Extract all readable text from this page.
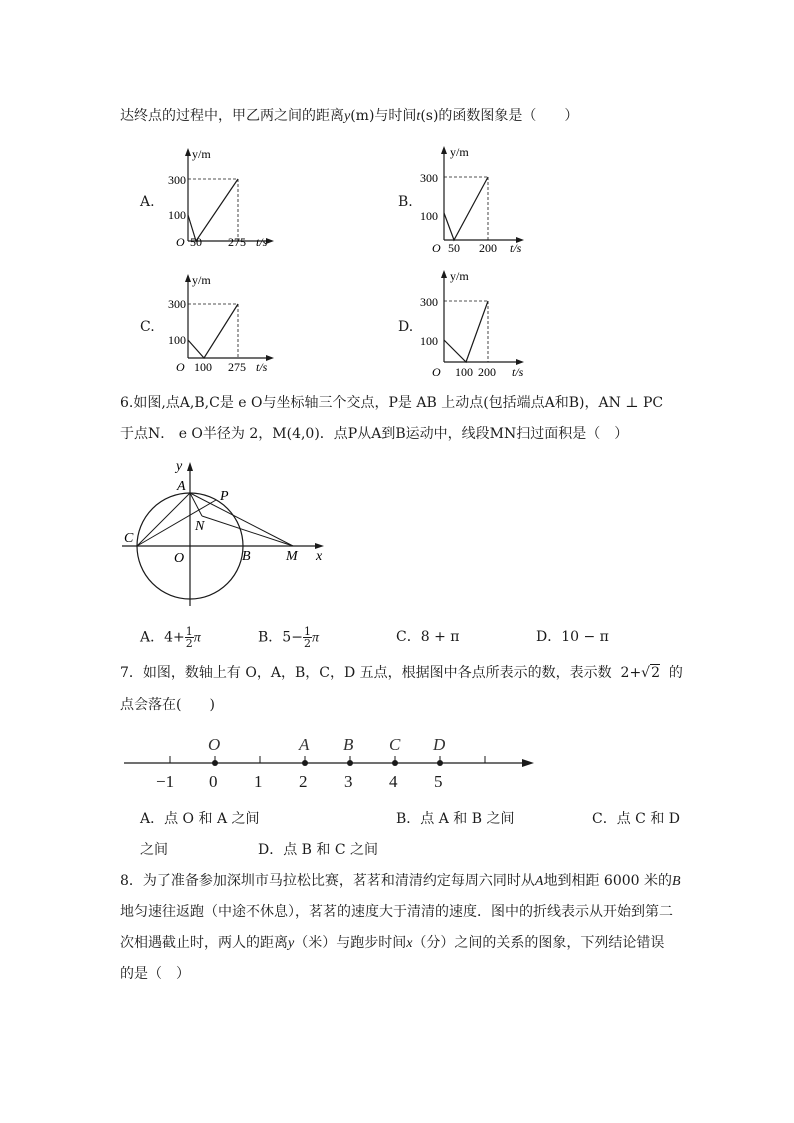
达终点的过程中，甲乙两之间的距离y(m)与时间t(s)的函数图象是（　　）
A.	B.
C.	D.
y/m
300
100
O 50 275 t/s
y/m
300
100
O 50 200 t/s
y/m
300
100
O 100 275 t/s
y/m
300
100
O 100 200 t/s
6.如图,点A,B,C是 e O与坐标轴三个交点，P是 AB 上动点(包括端点A和B)，AN ⊥ PC
于点N． e O半径为 2，M(4,0)．点P从A到B运动中，线段MN扫过面积是（　）
y
x
A
P
N
C
O	B	M
A．$4+ \frac{1}{2}$ π	B．$5- \frac{1}{2}$ π	C．8 + π	D．10 − π
7．如图，数轴上有 O，A，B，C，D 五点，根据图中各点所表示的数，表示数 2+√2 的
点会落在(　　)
O	A B C D
−1 0 1 2 3 4 5
A．点 O 和 A 之间	B．点 A 和 B 之间	C．点 C 和 D
之间	D．点 B 和 C 之间
8．为了准备参加深圳市马拉松比赛，茗茗和清清约定每周六同时从A地到相距 6000 米的B
地匀速往返跑（中途不休息），茗茗的速度大于清清的速度．图中的折线表示从开始到第二
次相遇截止时，两人的距离y（米）与跑步时间x（分）之间的关系的图象，下列结论错误
的是（　）
